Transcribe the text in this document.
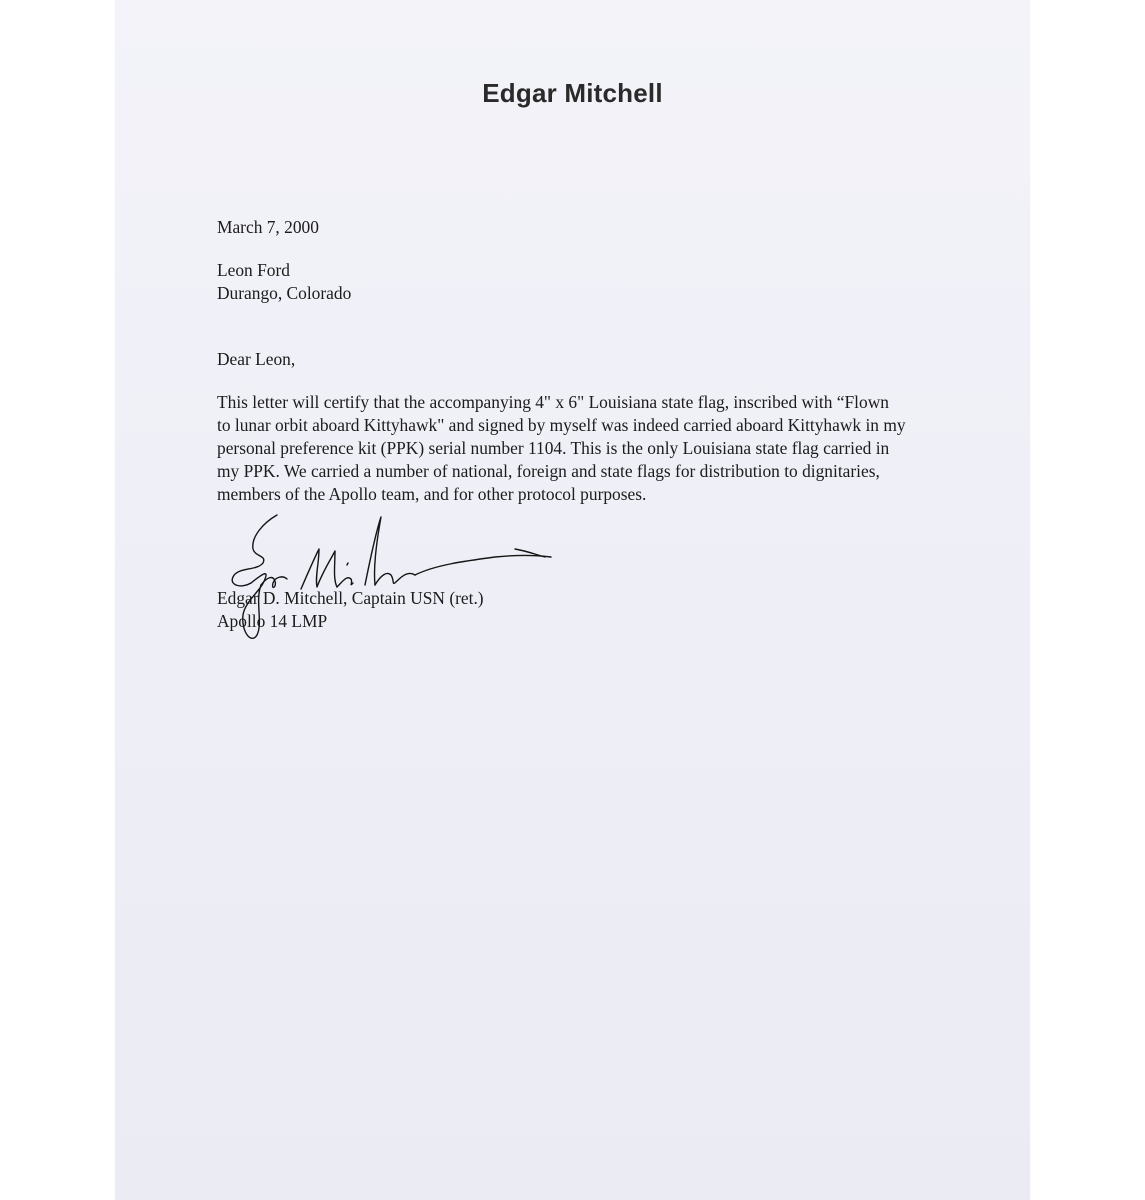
Edgar Mitchell
March 7, 2000
Leon Ford
Durango, Colorado
Dear Leon,
This letter will certify that the accompanying 4" x 6" Louisiana state flag, inscribed with “Flown
to lunar orbit aboard Kittyhawk" and signed by myself was indeed carried aboard Kittyhawk in my
personal preference kit (PPK) serial number 1104. This is the only Louisiana state flag carried in
my PPK. We carried a number of national, foreign and state flags for distribution to dignitaries,
members of the Apollo team, and for other protocol purposes.
Edgar D. Mitchell, Captain USN (ret.)
Apollo 14 LMP
